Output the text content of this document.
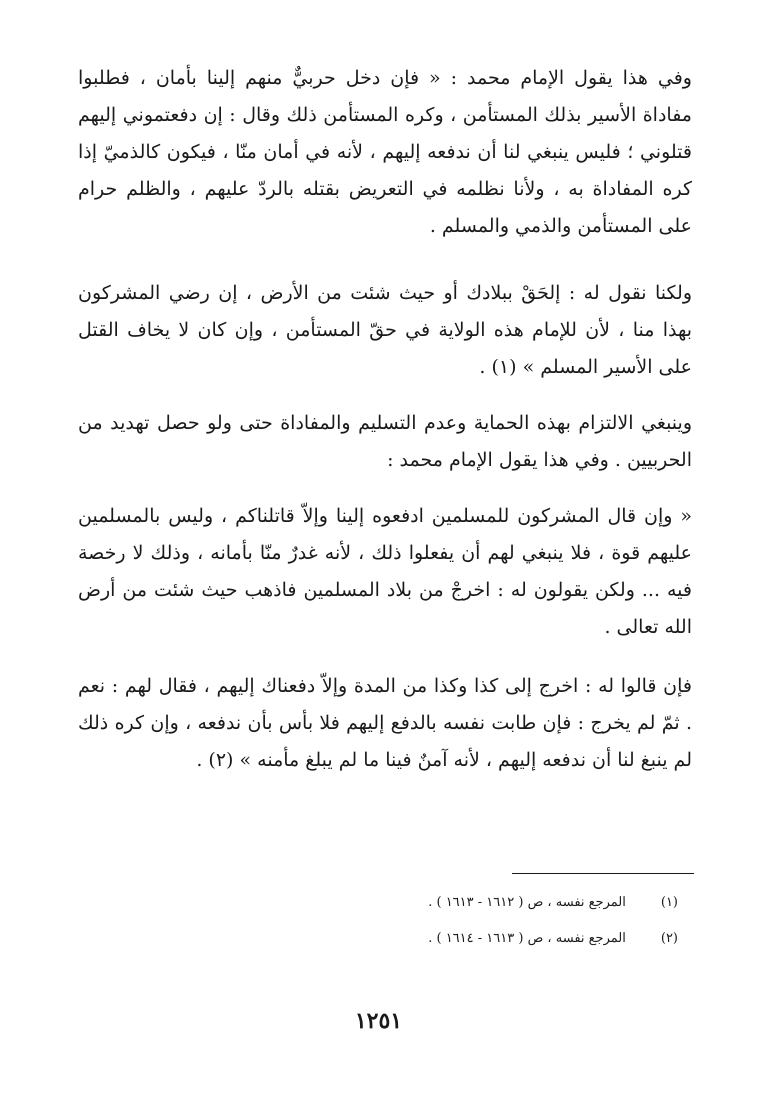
وفي هذا يقول الإمام محمد : « فإن دخل حربيٌّ منهم إلينا بأمان ، فطلبوا مفاداة الأسير بذلك المستأمن ، وكره المستأمن ذلك وقال : إن دفعتموني إليهم قتلوني ؛ فليس ينبغي لنا أن ندفعه إليهم ، لأنه في أمان منّا ، فيكون كالذميّ إذا كره المفاداة به ، ولأنا نظلمه في التعريض بقتله بالردّ عليهم ، والظلم حرام على المستأمن والذمي والمسلم .

ولكنا نقول له : إلحَقْ ببلادك أو حيث شئت من الأرض ، إن رضي المشركون بهذا منا ، لأن للإمام هذه الولاية في حقّ المستأمن ، وإن كان لا يخاف القتل على الأسير المسلم » (١) .

وينبغي الالتزام بهذه الحماية وعدم التسليم والمفاداة حتى ولو حصل تهديد من الحربيين . وفي هذا يقول الإمام محمد :

« وإن قال المشركون للمسلمين ادفعوه إلينا وإلاّ قاتلناكم ، وليس بالمسلمين عليهم قوة ، فلا ينبغي لهم أن يفعلوا ذلك ، لأنه غدرٌ منّا بأمانه ، وذلك لا رخصة فيه ... ولكن يقولون له : اخرجْ من بلاد المسلمين فاذهب حيث شئت من أرض الله تعالى .

فإن قالوا له : اخرج إلى كذا وكذا من المدة وإلاّ دفعناك إليهم ، فقال لهم : نعم . ثمّ لم يخرج : فإن طابت نفسه بالدفع إليهم فلا بأس بأن ندفعه ، وإن كره ذلك لم ينبغ لنا أن ندفعه إليهم ، لأنه آمنٌ فينا ما لم يبلغ مأمنه » (٢) .

(١) المرجع نفسه ، ص ( ١٦١٢ - ١٦١٣ ) .
(٢) المرجع نفسه ، ص ( ١٦١٣ - ١٦١٤ ) .
١٢٥١
